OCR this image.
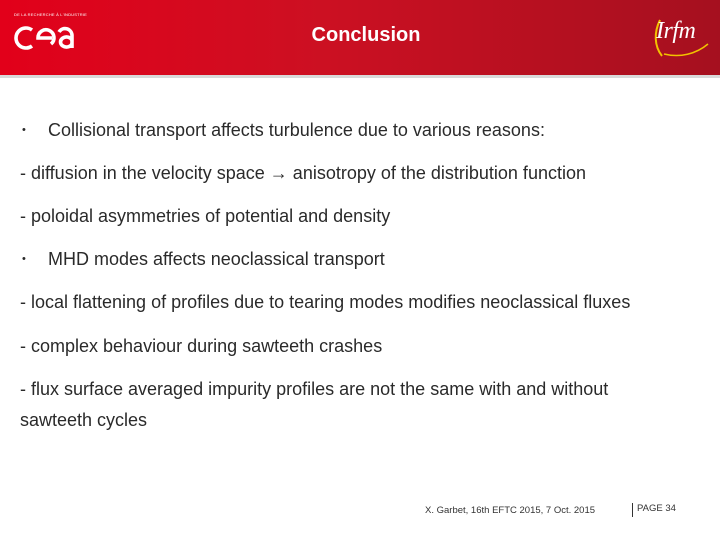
DE LA RECHERCHE À L'INDUSTRIE
Conclusion	Irfm
• Collisional transport affects turbulence due to various reasons:
- diffusion in the velocity space → anisotropy of the distribution function
- poloidal asymmetries of potential and density
• MHD modes affects neoclassical transport
- local flattening of profiles due to tearing modes modifies neoclassical fluxes
- complex behaviour during sawteeth crashes
- flux surface averaged impurity profiles are not the same with and without
sawteeth cycles
X. Garbet, 16th EFTC 2015, 7 Oct. 2015	PAGE 34
